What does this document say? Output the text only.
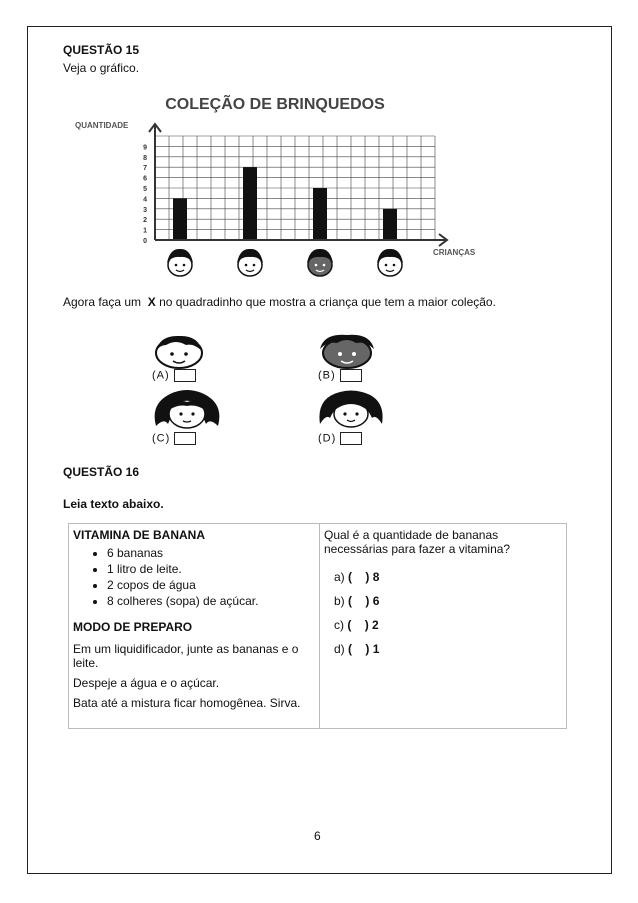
QUESTÃO 15
Veja o gráfico.
COLEÇÃO DE BRINQUEDOS
QUANTIDADE
CRIANÇAS
0
1
2
3
4
5
6
7
8
9
Agora faça um  X no quadradinho que mostra a criança que tem a maior coleção.
(A)	(B)
(C)	(D)
QUESTÃO 16
Leia texto abaixo.
VITAMINA DE BANANA
• 6 bananas
• 1 litro de leite.
• 2 copos de água
• 8 colheres (sopa) de açúcar.
MODO DE PREPARO
Em um liquidificador, junte as bananas e o leite.
Despeje a água e o açúcar.
Bata até a mistura ficar homogênea. Sirva.

Qual é a quantidade de bananas necessárias para fazer a vitamina?
a) ( ) 8
b) ( ) 6
c) ( ) 2
d) ( ) 1
6
